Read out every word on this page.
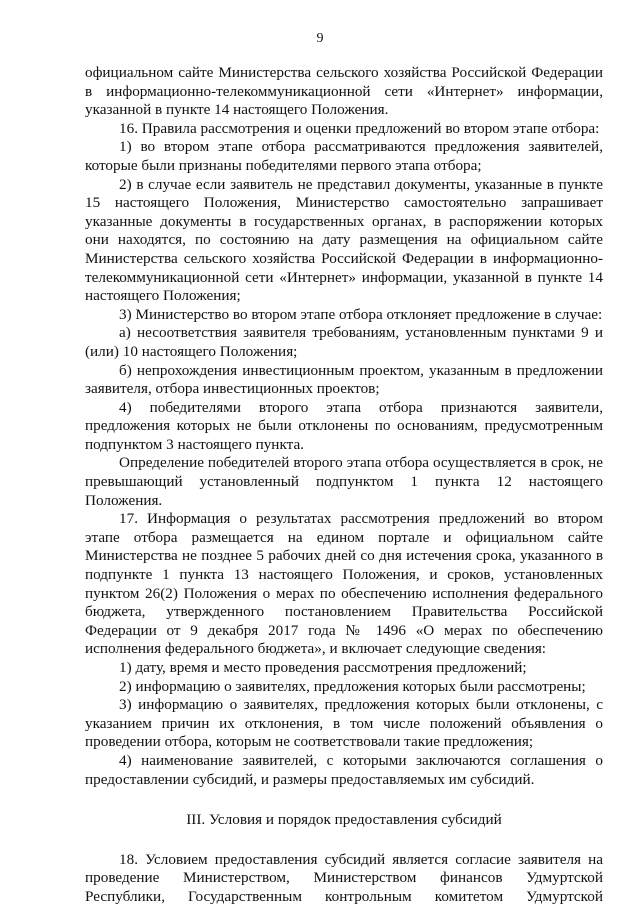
9
официальном сайте Министерства сельского хозяйства Российской Федерации в информационно-телекоммуникационной сети «Интернет» информации, указанной в пункте 14 настоящего Положения.
16. Правила рассмотрения и оценки предложений во втором этапе отбора:
1) во втором этапе отбора рассматриваются предложения заявителей, которые были признаны победителями первого этапа отбора;
2) в случае если заявитель не представил документы, указанные в пункте 15 настоящего Положения, Министерство самостоятельно запрашивает указанные документы в государственных органах, в распоряжении которых они находятся, по состоянию на дату размещения на официальном сайте Министерства сельского хозяйства Российской Федерации в информационно-телекоммуникационной сети «Интернет» информации, указанной в пункте 14 настоящего Положения;
3) Министерство во втором этапе отбора отклоняет предложение в случае:
а) несоответствия заявителя требованиям, установленным пунктами 9 и (или) 10 настоящего Положения;
б) непрохождения инвестиционным проектом, указанным в предложении заявителя, отбора инвестиционных проектов;
4) победителями второго этапа отбора признаются заявители, предложения которых не были отклонены по основаниям, предусмотренным подпунктом 3 настоящего пункта.
Определение победителей второго этапа отбора осуществляется в срок, не превышающий установленный подпунктом 1 пункта 12 настоящего Положения.
17. Информация о результатах рассмотрения предложений во втором этапе отбора размещается на едином портале и официальном сайте Министерства не позднее 5 рабочих дней со дня истечения срока, указанного в подпункте 1 пункта 13 настоящего Положения, и сроков, установленных пунктом 26(2) Положения о мерах по обеспечению исполнения федерального бюджета, утвержденного постановлением Правительства Российской Федерации от 9 декабря 2017 года № 1496 «О мерах по обеспечению исполнения федерального бюджета», и включает следующие сведения:
1) дату, время и место проведения рассмотрения предложений;
2) информацию о заявителях, предложения которых были рассмотрены;
3) информацию о заявителях, предложения которых были отклонены, с указанием причин их отклонения, в том числе положений объявления о проведении отбора, которым не соответствовали такие предложения;
4) наименование заявителей, с которыми заключаются соглашения о предоставлении субсидий, и размеры предоставляемых им субсидий.
III. Условия и порядок предоставления субсидий
18. Условием предоставления субсидий является согласие заявителя на проведение Министерством, Министерством финансов Удмуртской Республики, Государственным контрольным комитетом Удмуртской
